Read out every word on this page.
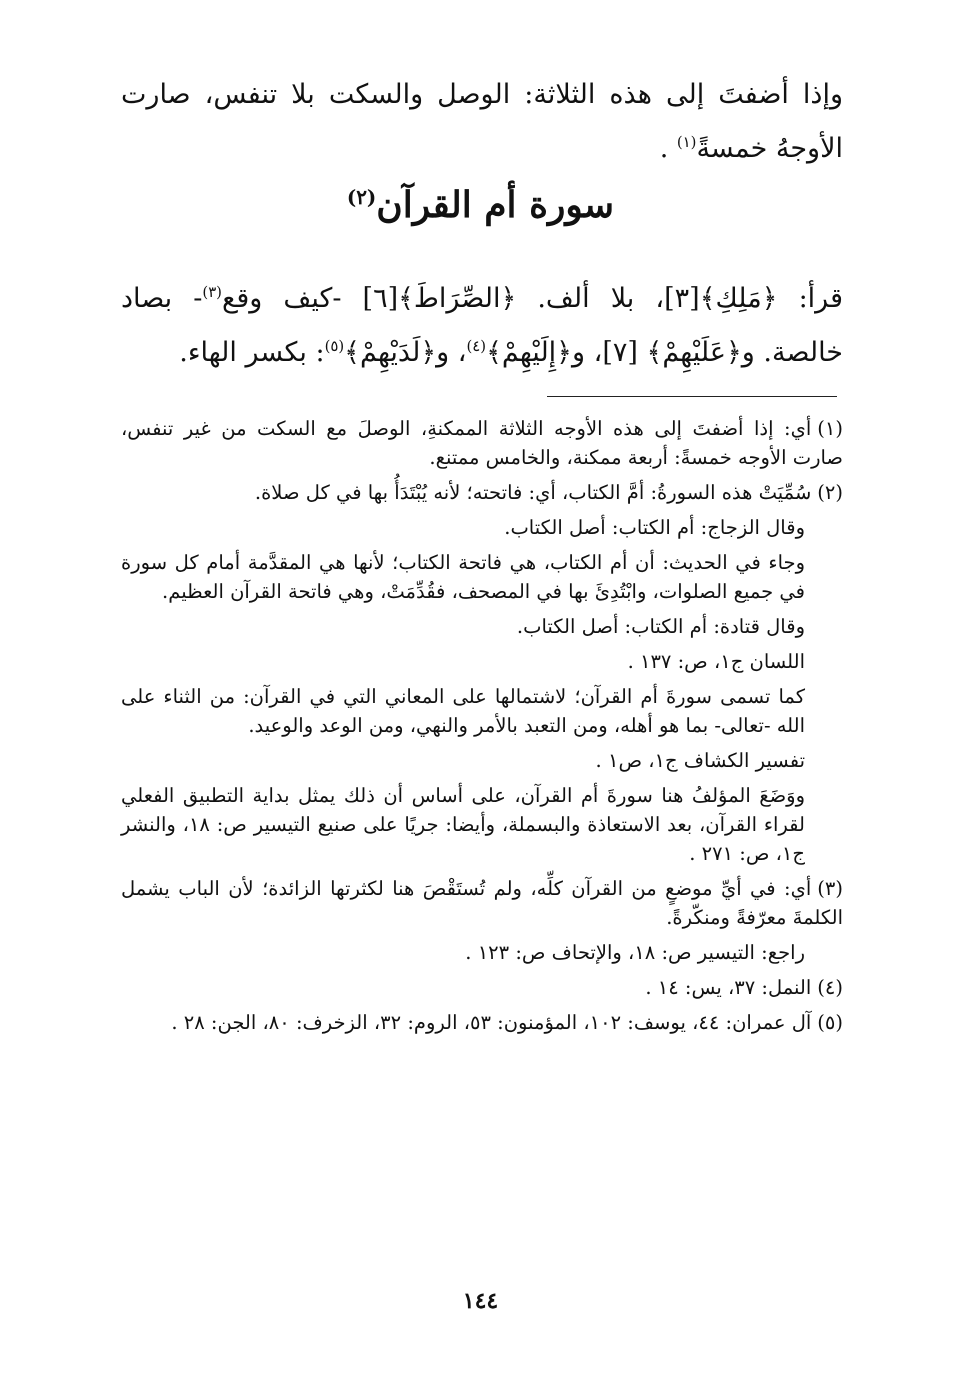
وإذا أضفتَ إلى هذه الثلاثة: الوصل والسكت بلا تنفس، صارت الأوجهُ خمسةً$^{(١)}$ .

سورة أم القرآن$^{(٢)}$

قرأ: ﴿مَلِكِ﴾[٣]، بلا ألف. ﴿الصِّرَاطَ﴾[٦] -كيف وقع$^{(٣)}$- بصاد خالصة. و﴿عَلَيْهِمْ﴾ [٧]، و﴿إِلَيْهِمْ﴾$^{(٤)}$، و﴿لَدَيْهِمْ﴾$^{(٥)}$: بكسر الهاء.

(١)أي: إذا أضفتَ إلى هذه الأوجه الثلاثة الممكنةِ، الوصلَ مع السكت من غير تنفس، صارت الأوجه خمسةً: أربعة ممكنة، والخامس ممتنع.
(٢)سُمِّيَتْ هذه السورةُ: أمَّ الكتاب، أي: فاتحته؛ لأنه يُبْتَدَأُ بها في كل صلاة.
وقال الزجاج: أم الكتاب: أصل الكتاب.
وجاء في الحديث: أن أم الكتاب، هي فاتحة الكتاب؛ لأنها هي المقدَّمة أمام كل سورة في جميع الصلوات، وابْتُدِئَ بها في المصحف، فقُدِّمَتْ، وهي فاتحة القرآن العظيم.
وقال قتادة: أم الكتاب: أصل الكتاب.
اللسان ج١، ص: ١٣٧ .
كما تسمى سورةَ أم القرآن؛ لاشتمالها على المعاني التي في القرآن: من الثناء على الله -تعالى- بما هو أهله، ومن التعبد بالأمر والنهي، ومن الوعد والوعيد.
تفسير الكشاف ج١، ص١ .
ووَضَعَ المؤلفُ هنا سورةَ أم القرآن، على أساس أن ذلك يمثل بداية التطبيق الفعلي لقراء القرآن، بعد الاستعاذة والبسملة، وأيضا: جريًا على صنيع التيسير ص: ١٨، والنشر ج١، ص: ٢٧١ .
(٣)أي: في أيِّ موضعٍ من القرآن كلِّه، ولم تُستَقْصَ هنا لكثرتها الزائدة؛ لأن الباب يشمل الكلمةَ معرّفةً ومنكّرةً.
راجع: التيسير ص: ١٨، والإتحاف ص: ١٢٣ .
(٤)النمل: ٣٧، يس: ١٤ .
(٥)آل عمران: ٤٤، يوسف: ١٠٢، المؤمنون: ٥٣، الروم: ٣٢، الزخرف: ٨٠، الجن: ٢٨ .
١٤٤
